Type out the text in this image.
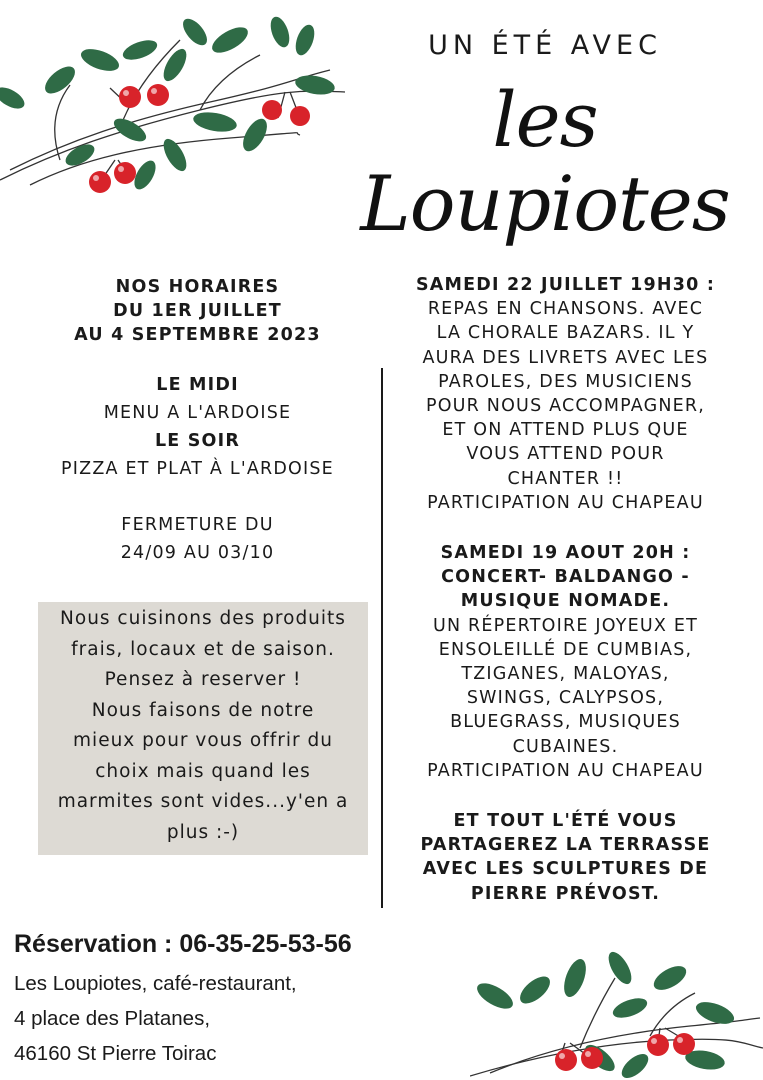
UN ÉTÉ AVEC
les Loupiotes
NOS HORAIRES
DU 1ER JUILLET
AU 4 SEPTEMBRE 2023
LE MIDI
MENU A L'ARDOISE
LE SOIR
PIZZA ET PLAT À L'ARDOISE
FERMETURE DU
24/09 AU 03/10
Nous cuisinons des produits
frais, locaux et de saison.
Pensez à reserver !
Nous faisons de notre
mieux pour vous offrir du
choix mais quand les
marmites sont vides...y'en a
plus :-)
SAMEDI 22 JUILLET 19H30 :
REPAS EN CHANSONS. AVEC
LA CHORALE BAZARS. IL Y
AURA DES LIVRETS AVEC LES
PAROLES, DES MUSICIENS
POUR NOUS ACCOMPAGNER,
ET ON ATTEND PLUS QUE
VOUS ATTEND POUR
CHANTER !!
PARTICIPATION AU CHAPEAU
SAMEDI 19 AOUT 20H :
CONCERT- BALDANGO -
MUSIQUE NOMADE.
UN RÉPERTOIRE JOYEUX ET
ENSOLEILLÉ DE CUMBIAS,
TZIGANES, MALOYAS,
SWINGS, CALYPSOS,
BLUEGRASS, MUSIQUES
CUBAINES.
PARTICIPATION AU CHAPEAU
ET TOUT L'ÉTÉ VOUS
PARTAGEREZ LA TERRASSE
AVEC LES SCULPTURES DE
PIERRE PRÉVOST.
Réservation : 06-35-25-53-56
Les Loupiotes, café-restaurant,
4 place des Platanes,
46160 St Pierre Toirac
